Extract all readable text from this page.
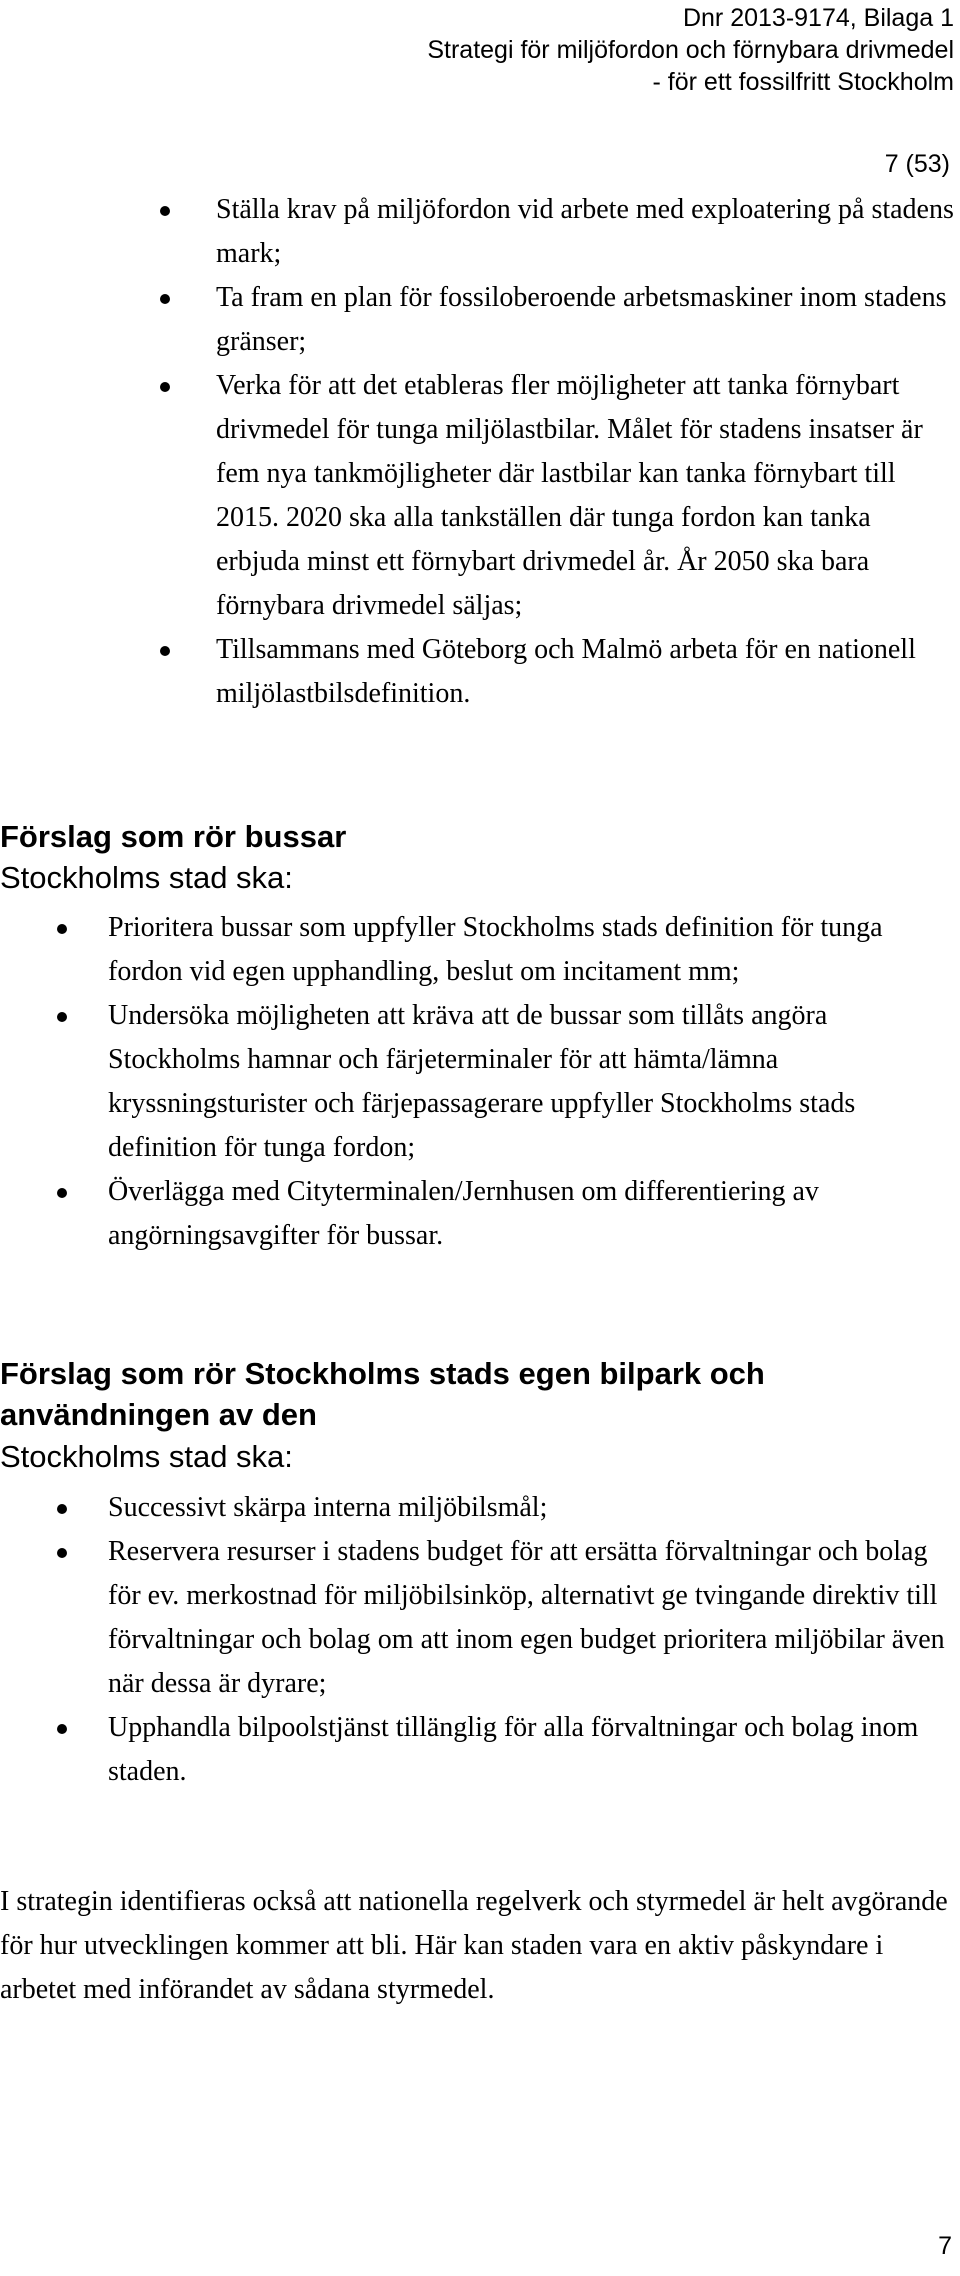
Dnr 2013-9174, Bilaga 1
Strategi för miljöfordon och förnybara drivmedel
- för ett fossilfritt Stockholm
7 (53)
Ställa krav på miljöfordon vid arbete med exploatering på stadens mark;
Ta fram en plan för fossiloberoende arbetsmaskiner inom stadens gränser;
Verka för att det etableras fler möjligheter att tanka förnybart drivmedel för tunga miljölastbilar. Målet för stadens insatser är fem nya tankmöjligheter där lastbilar kan tanka förnybart till 2015. 2020 ska alla tankställen där tunga fordon kan tanka erbjuda minst ett förnybart drivmedel år. År 2050 ska bara förnybara drivmedel säljas;
Tillsammans med Göteborg och Malmö arbeta för en nationell miljölastbilsdefinition.
Förslag som rör bussar
Stockholms stad ska:
Prioritera bussar som uppfyller Stockholms stads definition för tunga fordon vid egen upphandling, beslut om incitament mm;
Undersöka möjligheten att kräva att de bussar som tillåts angöra Stockholms hamnar och färjeterminaler för att hämta/lämna kryssningsturister och färjepassagerare uppfyller Stockholms stads definition för tunga fordon;
Överlägga med Cityterminalen/Jernhusen om differentiering av angörningsavgifter för bussar.
Förslag som rör Stockholms stads egen bilpark och
användningen av den
Stockholms stad ska:
Successivt skärpa interna miljöbilsmål;
Reservera resurser i stadens budget för att ersätta förvaltningar och bolag för ev. merkostnad för miljöbilsinköp, alternativt ge tvingande direktiv till förvaltningar och bolag om att inom egen budget prioritera miljöbilar även när dessa är dyrare;
Upphandla bilpoolstjänst tillänglig för alla förvaltningar och bolag inom staden.

I strategin identifieras också att nationella regelverk och styrmedel är helt avgörande för hur utvecklingen kommer att bli. Här kan staden vara en aktiv påskyndare i arbetet med införandet av sådana styrmedel.

7
